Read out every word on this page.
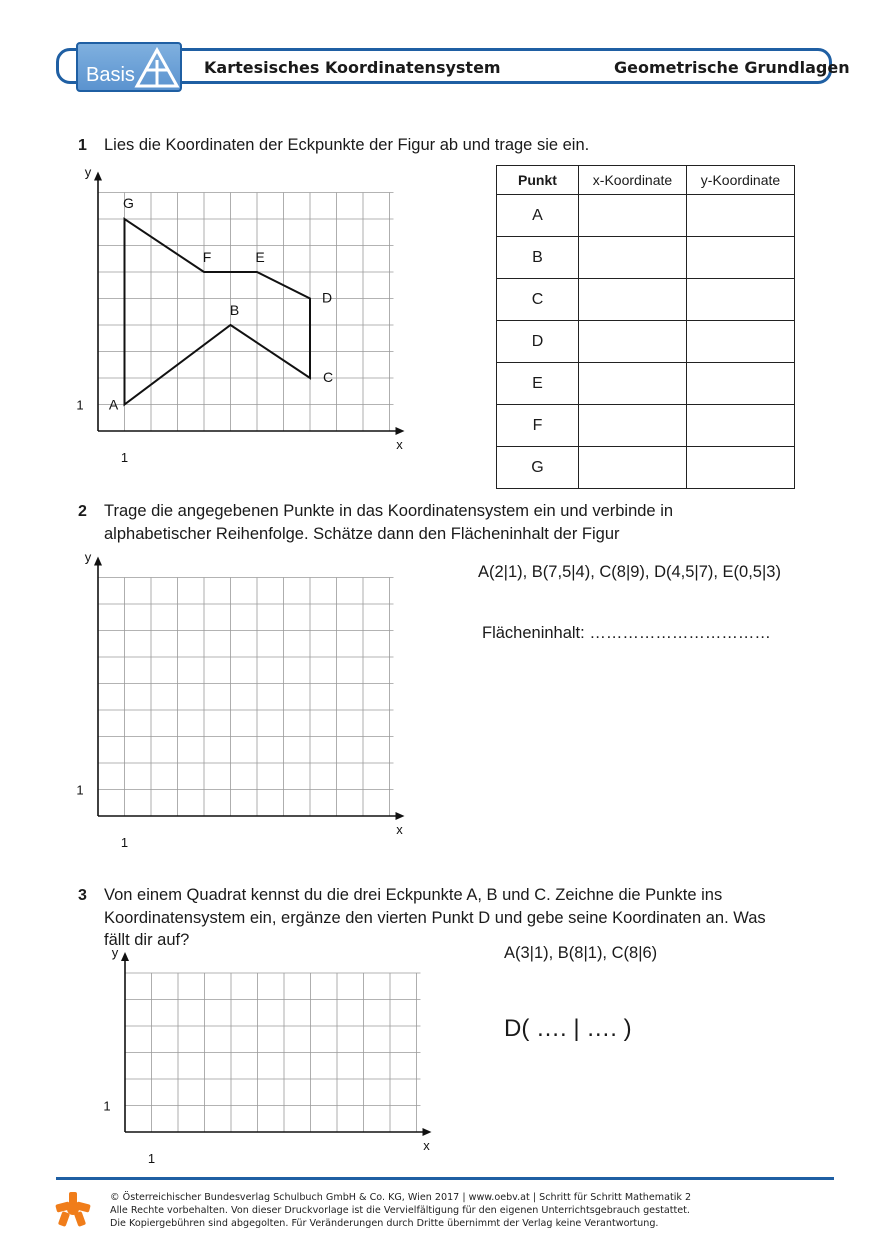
Basis	Kartesisches Koordinatensystem	Geometrische Grundlagen
1 Lies die Koordinaten der Eckpunkte der Figur ab und trage sie ein.
x
y
1
1 A
B
C
D
E
F
G
Punkt	x-Koordinate	y-Koordinate
A		
B		
C		
D		
E		
F		
G		
2 Trage die angegebenen Punkte in das Koordinatensystem ein und verbinde in
alphabetischer Reihenfolge. Schätze dann den Flächeninhalt der Figur
A(2|1), B(7,5|4), C(8|9), D(4,5|7), E(0,5|3)
Flächeninhalt: ……………………………
x
y
1
1
3 Von einem Quadrat kennst du die drei Eckpunkte A, B und C. Zeichne die Punkte ins
Koordinatensystem ein, ergänze den vierten Punkt D und gebe seine Koordinaten an. Was
fällt dir auf?
A(3|1), B(8|1), C(8|6)
D( …. | …. )
x
y
1
1
© Österreichischer Bundesverlag Schulbuch GmbH & Co. KG, Wien 2017 | www.oebv.at | Schritt für Schritt Mathematik 2
Alle Rechte vorbehalten. Von dieser Druckvorlage ist die Vervielfältigung für den eigenen Unterrichtsgebrauch gestattet.
Die Kopiergebühren sind abgegolten. Für Veränderungen durch Dritte übernimmt der Verlag keine Verantwortung.
